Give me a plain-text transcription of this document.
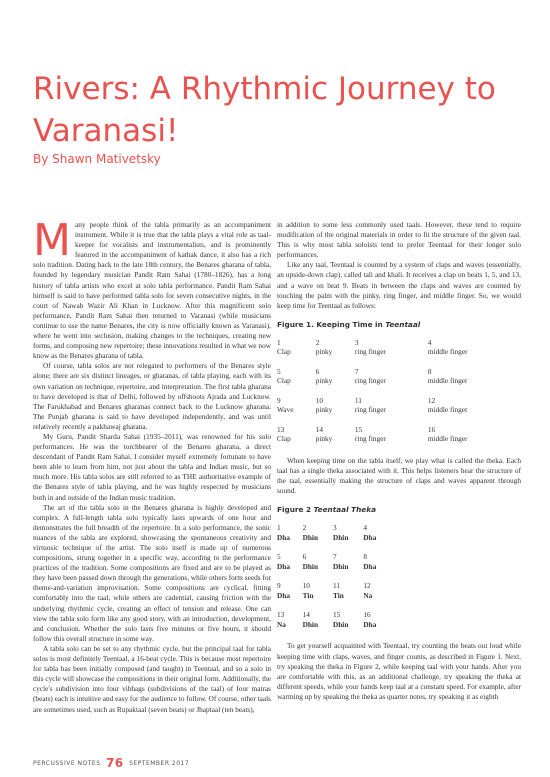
Rivers: A Rhythmic Journey to Varanasi!
By Shawn Mativetsky

Many people think of the tabla primarily as an accompaniment instrument. While it is true that the tabla plays a vital role as taal-keeper for vocalists and instrumentalists, and is prominently featured in the accompaniment of kathak dance, it also has a rich solo tradition. Dating back to the late 18th century, the Benares gharana of tabla, founded by legendary musician Pandit Ram Sahai (1780–1826), has a long history of tabla artists who excel at solo tabla performance. Pandit Ram Sahai himself is said to have performed tabla solo for seven consecutive nights, in the court of Nawab Wazir Ali Khan in Lucknow. After this magnificent solo performance, Pandit Ram Sahai then returned to Varanasi (while musicians continue to use the name Benares, the city is now officially known as Varanasi), where he went into seclusion, making changes to the techniques, creating new forms, and composing new repertoire; these innovations resulted in what we now know as the Benares gharana of tabla.

Of course, tabla solos are not relegated to performers of the Benares style alone; there are six distinct lineages, or gharanas, of tabla playing, each with its own variation on technique, repertoire, and interpretation. The first tabla gharana to have developed is that of Delhi, followed by offshoots Ajrada and Lucknow. The Farukhabad and Benares gharanas connect back to the Lucknow gharana. The Punjab gharana is said to have developed independently, and was until relatively recently a pakhawaj gharana.

My Guru, Pandit Sharda Sahai (1935–2011), was renowned for his solo performances. He was the torchbearer of the Benares gharana, a direct descendant of Pandit Ram Sahai. I consider myself extremely fortunate to have been able to learn from him, not just about the tabla and Indian music, but so much more. His tabla solos are still referred to as THE authoritative example of the Benares style of tabla playing, and he was highly respected by musicians both in and outside of the Indian music tradition.

The art of the tabla solo in the Benares gharana is highly developed and complex. A full-length tabla solo typically lasts upwards of one hour and demonstrates the full breadth of the repertoire. In a solo performance, the sonic nuances of the tabla are explored, showcasing the spontaneous creativity and virtuosic technique of the artist. The solo itself is made up of numerous compositions, strung together in a specific way, according to the performance practices of the tradition. Some compositions are fixed and are to be played as they have been passed down through the generations, while others form seeds for theme-and-variation improvisation. Some compositions are cyclical, fitting comfortably into the taal, while others are cadential, causing friction with the underlying rhythmic cycle, creating an effect of tension and release. One can view the tabla solo form like any good story, with an introduction, development, and conclusion. Whether the solo lasts five minutes or five hours, it should follow this overall structure in some way.

A tabla solo can be set to any rhythmic cycle, but the principal taal for tabla solos is most definitely Teentaal, a 16-beat cycle. This is because most repertoire for tabla has been initially composed (and taught) in Teentaal, and so a solo in this cycle will showcase the compositions in their original form. Additionally, the cycle's subdivision into four vibhags (subdivisions of the taal) of four matras (beats) each is intuitive and easy for the audience to follow. Of course, other taals are sometimes used, such as Rupaktaal (seven beats) or Jhaptaal (ten beats),

in addition to some less commonly used taals. However, these tend to require modification of the original materials in order to fit the structure of the given taal. This is why most tabla soloists tend to prefer Teentaal for their longer solo performances.

Like any taal, Teentaal is counted by a system of claps and waves (essentially, an upside-down clap), called tali and khali. It receives a clap on beats 1, 5, and 13, and a wave on beat 9. Beats in between the claps and waves are counted by touching the palm with the pinky, ring finger, and middle finger. So, we would keep time for Teentaal as follows:

Figure 1. Keeping Time in Teentaal
1	2	3	4
Clap	pinky	ring finger	middle finger

5	6	7	8
Clap	pinky	ring finger	middle finger

9	10	11	12
Wave	pinky	ring finger	middle finger

13	14	15	16
Clap	pinky	ring finger	middle finger

When keeping time on the tabla itself, we play what is called the theka. Each taal has a single theka associated with it. This helps listeners hear the structure of the taal, essentially making the structure of claps and waves apparent through sound.

Figure 2 Teentaal Theka
1	2	3	4
Dha	Dhin	Dhin	Dha

5	6	7	8
Dha	Dhin	Dhin	Dha

9	10	11	12
Dha	Tin	Tin	Na

13	14	15	16
Na	Dhin	Dhin	Dha

To get yourself acquainted with Teentaal, try counting the beats out loud while keeping time with claps, waves, and finger counts, as described in Figure 1. Next, try speaking the theka in Figure 2, while keeping taal with your hands. After you are comfortable with this, as an additional challenge, try speaking the theka at different speeds, while your hands keep taal at a constant speed. For example, after warming up by speaking the theka as quarter notes, try speaking it as eighth

PERCUSSIVE NOTES 76 SEPTEMBER 2017
